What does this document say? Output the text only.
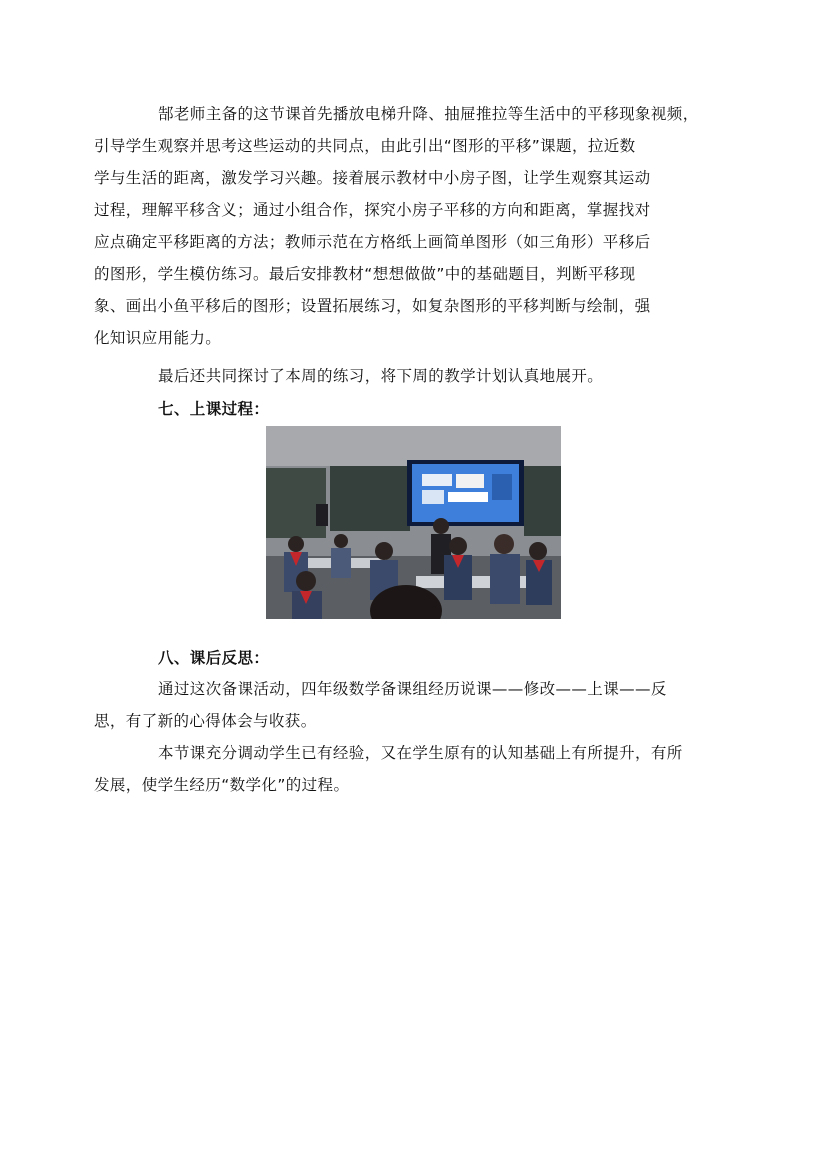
郜老师主备的这节课首先播放电梯升降、抽屉推拉等生活中的平移现象视频，
引导学生观察并思考这些运动的共同点，由此引出“图形的平移”课题，拉近数
学与生活的距离，激发学习兴趣。接着展示教材中小房子图，让学生观察其运动
过程，理解平移含义；通过小组合作，探究小房子平移的方向和距离，掌握找对
应点确定平移距离的方法；教师示范在方格纸上画简单图形（如三角形）平移后
的图形，学生模仿练习。最后安排教材“想想做做”中的基础题目，判断平移现
象、画出小鱼平移后的图形；设置拓展练习，如复杂图形的平移判断与绘制，强
化知识应用能力。

最后还共同探讨了本周的练习，将下周的教学计划认真地展开。

七、上课过程：

八、课后反思：

通过这次备课活动，四年级数学备课组经历说课——修改——上课——反
思，有了新的心得体会与收获。
本节课充分调动学生已有经验，又在学生原有的认知基础上有所提升，有所
发展，使学生经历“数学化”的过程。
